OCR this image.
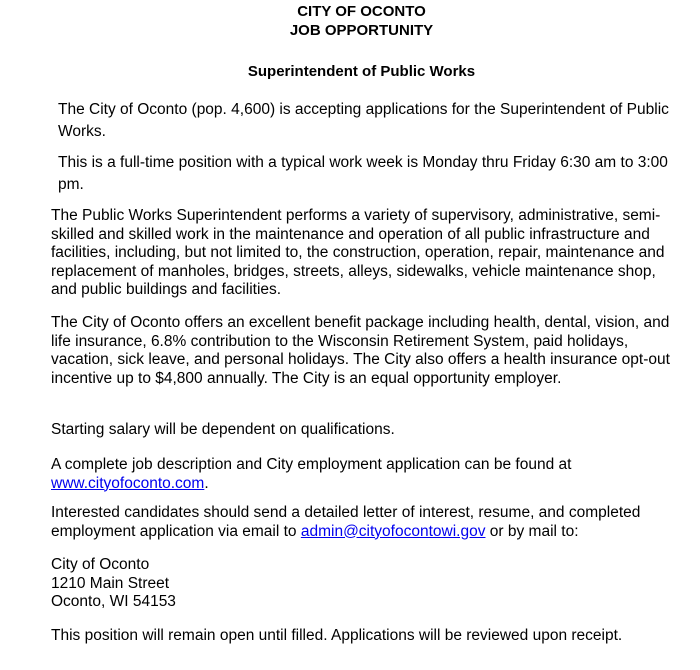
CITY OF OCONTO
JOB OPPORTUNITY
Superintendent of Public Works

The City of Oconto (pop. 4,600) is accepting applications for the Superintendent of Public Works.

This is a full-time position with a typical work week is Monday thru Friday 6:30 am to 3:00 pm.

The Public Works Superintendent performs a variety of supervisory, administrative, semi-skilled and skilled work in the maintenance and operation of all public infrastructure and facilities, including, but not limited to, the construction, operation, repair, maintenance and replacement of manholes, bridges, streets, alleys, sidewalks, vehicle maintenance shop, and public buildings and facilities.

The City of Oconto offers an excellent benefit package including health, dental, vision, and life insurance, 6.8% contribution to the Wisconsin Retirement System, paid holidays, vacation, sick leave, and personal holidays. The City also offers a health insurance opt-out incentive up to $4,800 annually. The City is an equal opportunity employer.

Starting salary will be dependent on qualifications.

A complete job description and City employment application can be found at www.cityofoconto.com.

Interested candidates should send a detailed letter of interest, resume, and completed employment application via email to admin@cityofocontowi.gov or by mail to:

City of Oconto
1210 Main Street
Oconto, WI 54153

This position will remain open until filled. Applications will be reviewed upon receipt.
